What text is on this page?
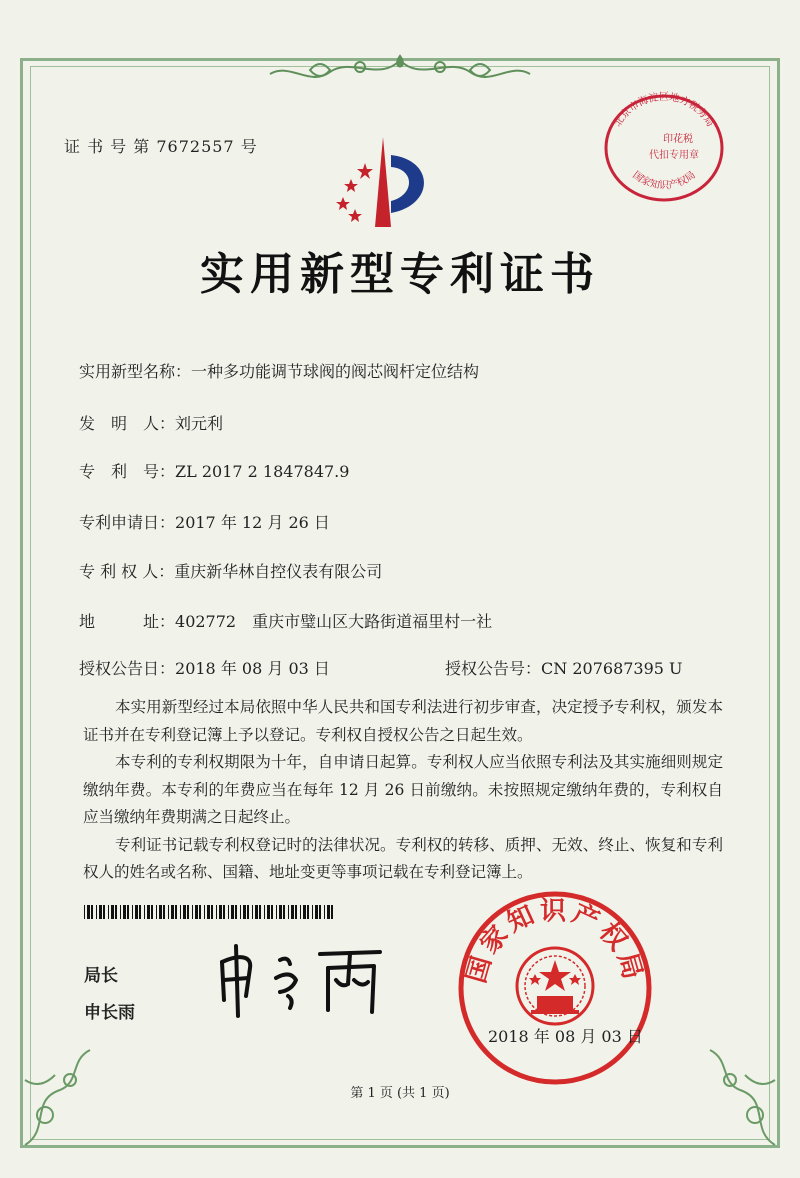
证 书 号 第 7672557 号
北京市海淀区地方税务局
印花税
代扣专用章
国家知识产权局
实用新型专利证书
实用新型名称：一种多功能调节球阀的阀芯阀杆定位结构
发　明　人：刘元利
专　利　号：ZL 2017 2 1847847.9
专利申请日：2017 年 12 月 26 日
专 利 权 人：重庆新华林自控仪表有限公司
地　　　址：402772　重庆市璧山区大路街道福里村一社
授权公告日：2018 年 08 月 03 日	授权公告号：CN 207687395 U

本实用新型经过本局依照中华人民共和国专利法进行初步审查，决定授予专利权，颁发本证书并在专利登记簿上予以登记。专利权自授权公告之日起生效。

本专利的专利权期限为十年，自申请日起算。专利权人应当依照专利法及其实施细则规定缴纳年费。本专利的年费应当在每年 12 月 26 日前缴纳。未按照规定缴纳年费的，专利权自应当缴纳年费期满之日起终止。

专利证书记载专利权登记时的法律状况。专利权的转移、质押、无效、终止、恢复和专利权人的姓名或名称、国籍、地址变更等事项记载在专利登记簿上。

局长
申长雨
国家知识产权局
2018 年 08 月 03 日
第 1 页 (共 1 页)
